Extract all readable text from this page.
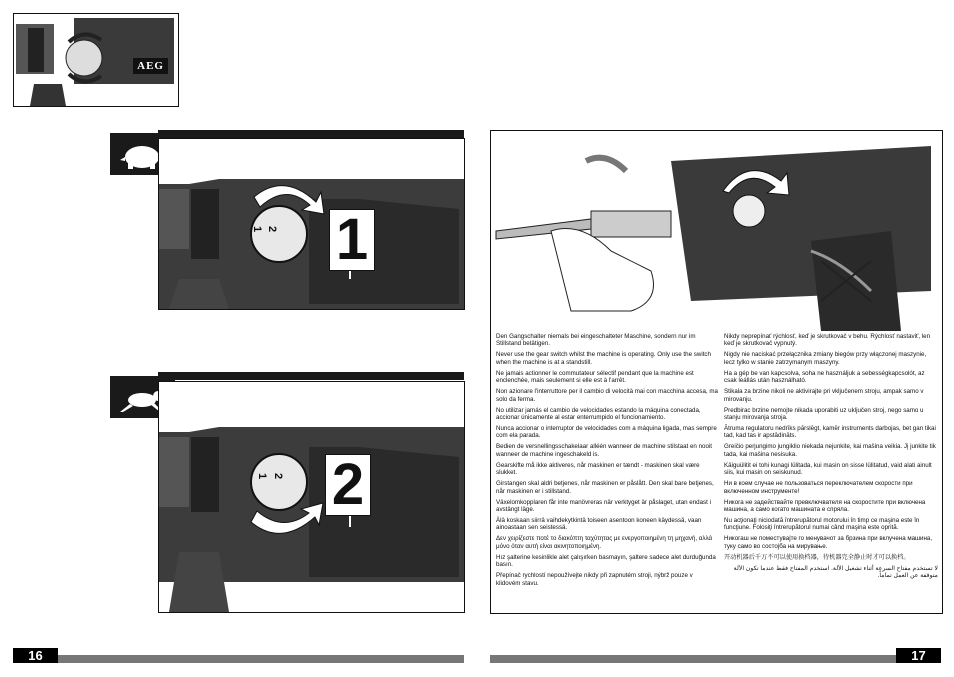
AEG
1 2 1
1 2 2

Den Gangschalter niemals bei eingeschalteter Maschine, sondern nur im Stillstand betätigen.

Never use the gear switch whilst the machine is operating. Only use the switch when the machine is at a standstill.

Ne jamais actionner le commutateur sélectif pendant que la machine est enclenchée, mais seulement si elle est à l'arrêt.

Non azionare l'interruttore per il cambio di velocità mai con macchina accesa, ma solo da ferma.

No utilizar jamás el cambio de velocidades estando la máquina conectada, accionar únicamente al estar enterrumpido el funcionamiento.

Nunca accionar o interruptor de velocidades com a máquina ligada, mas sempre com ela parada.

Bedien de versnellingsschakelaar alléén wanneer de machine stilstaat en nooit wanneer de machine ingeschakeld is.

Gearskifte må ikke aktiveres, når maskinen er tændt - maskinen skal være slukket.

Girstangen skal aldri betjenes, når maskinen er påslått. Den skal bare betjenes, når maskinen er i stillstand.

Växelomkopplaren får inte manövreras när verktyget är påslaget, utan endast i avstängt läge.

Älä koskaan siirrä vaihdekytkintä toiseen asentoon koneen käydessä, vaan ainoastaan sen seistessä.

Δεν χειρίζεστε ποτέ το διακόπτη ταχύτητας με ενεργοποιημένη τη μηχανή, αλλά μόνο όταν αυτή είναι ακινητοποιημένη.

Hız şalterine kesinlikle alet çalışırken basmayın, şaltere sadece alet durduğunda basın.

Přepínač rychlostí nepoužívejte nikdy při zapnutém stroji, nýbrž pouze v klidovém stavu.

Nikdy neprepínať rýchlosť, keď je skrutkovač v behu. Rýchlosť nastaviť, len keď je skrutkovač vypnutý.

Nigdy nie naciskać przełącznika zmiany biegów przy włączonej maszynie, lecz tylko w stanie zatrzymanym maszyny.

Ha a gép be van kapcsolva, soha ne használjuk a sebességkapcsolót, az csak leállás után használható.

Stikala za brzine nikoli ne aktivirajte pri vključenem stroju, ampak samo v mirovanju.

Predbirac brzine nemojte nikada uporabiti uz uključen stroj, nego samo u stanju mirovanja stroja.

Ātruma regulatoru nedrīks pārslēgt, kamēr instruments darbojas, bet gan tikai tad, kad tas ir apstādināts.

Greičio perjungimo jungiklio niekada nejunkite, kai mašina veikia. Jį junkite tik tada, kai mašina nesisuka.

Käiguülitit ei tohi kunagi lülitada, kui masin on sisse lülitatud, vaid alati ainult siis, kui masin on seiskunud.

Ни в коем случае не пользоваться переключателем скорости при включенном инструменте!

Никога не задействайте превключвателя на скоростите при включена машина, а само когато машината е спряла.

Nu acţionaţi niciodată întrerupătorul motorului în timp ce maşina este în funcţiune. Folosiţi întrerupătorul numai când maşina este oprită.

Никогаш не поместувајте го менувачот за брзина при вклучена машина, туку само во состојба на мирување.

开动机器后千万不可以使用换档器，待机器完全静止时才可以换档。

لا تستخدم مفتاح السرعة أثناء تشغيل الآلة. استخدم المفتاح فقط عندما تكون الآلة متوقفة عن العمل تماماً.

16	17
